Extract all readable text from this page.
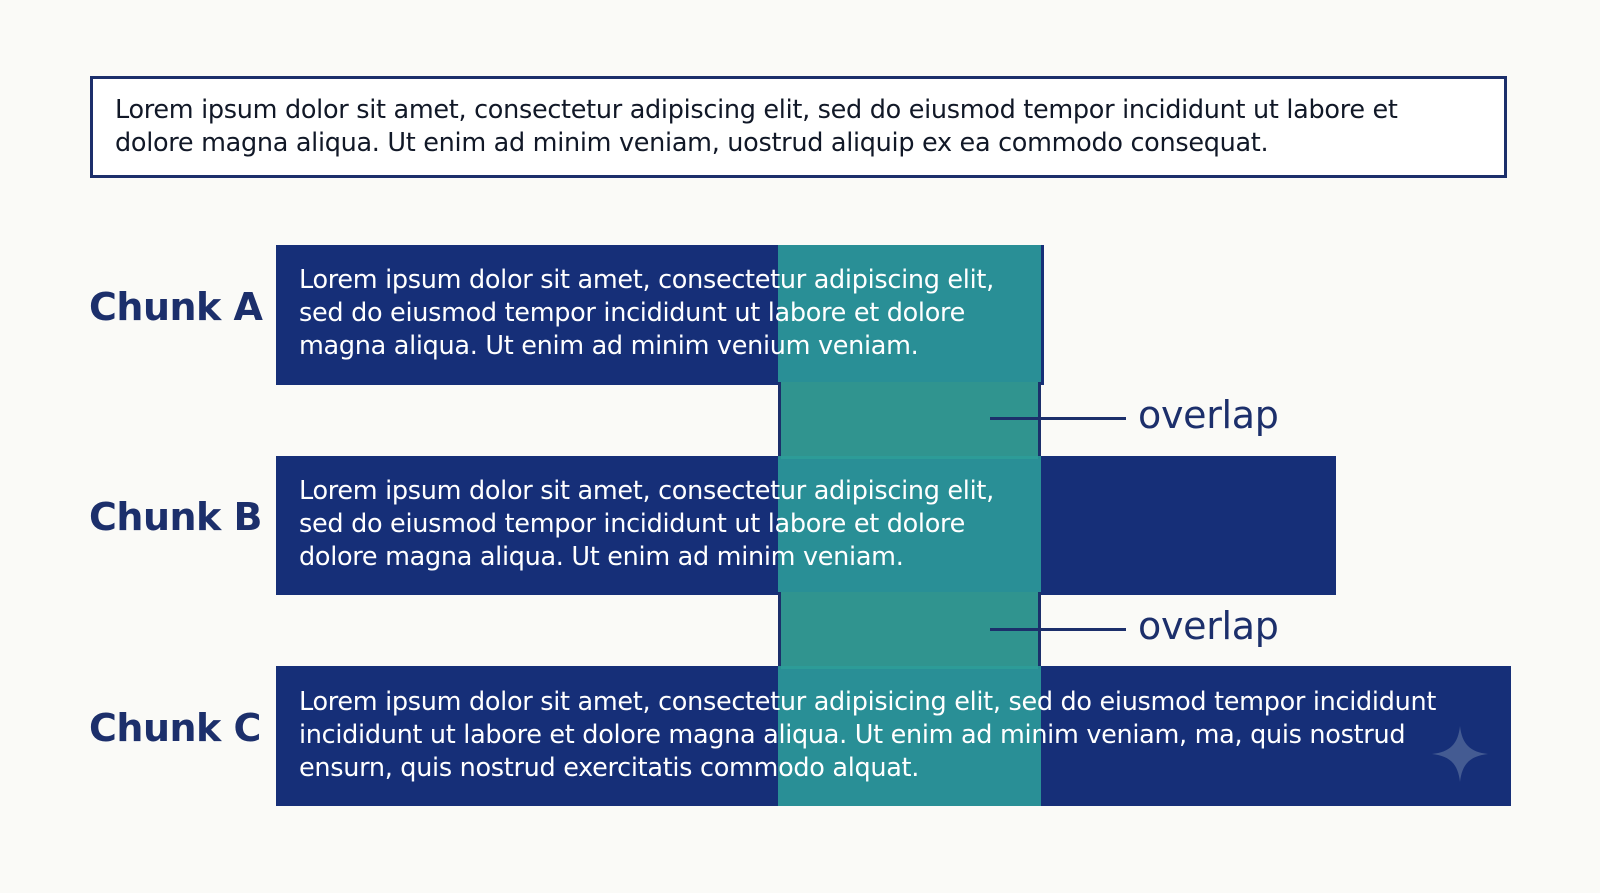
Lorem ipsum dolor sit amet, consectetur adipiscing elit, sed do eiusmod tempor incididunt ut labore et
dolore magna aliqua. Ut enim ad minim veniam, uostrud aliquip ex ea commodo consequat.
Chunk A
Lorem ipsum dolor sit amet, consectetur adipiscing elit,
sed do eiusmod tempor incididunt ut labore et dolore
magna aliqua. Ut enim ad minim venium veniam.
Chunk B
Lorem ipsum dolor sit amet, consectetur adipiscing elit,
sed do eiusmod tempor incididunt ut labore et dolore
dolore magna aliqua. Ut enim ad minim veniam.
Chunk C
Lorem ipsum dolor sit amet, consectetur adipisicing elit, sed do eiusmod tempor incididunt
incididunt ut labore et dolore magna aliqua. Ut enim ad minim veniam, ma, quis nostrud
ensurn, quis nostrud exercitatis commodo alquat.
overlap
overlap
